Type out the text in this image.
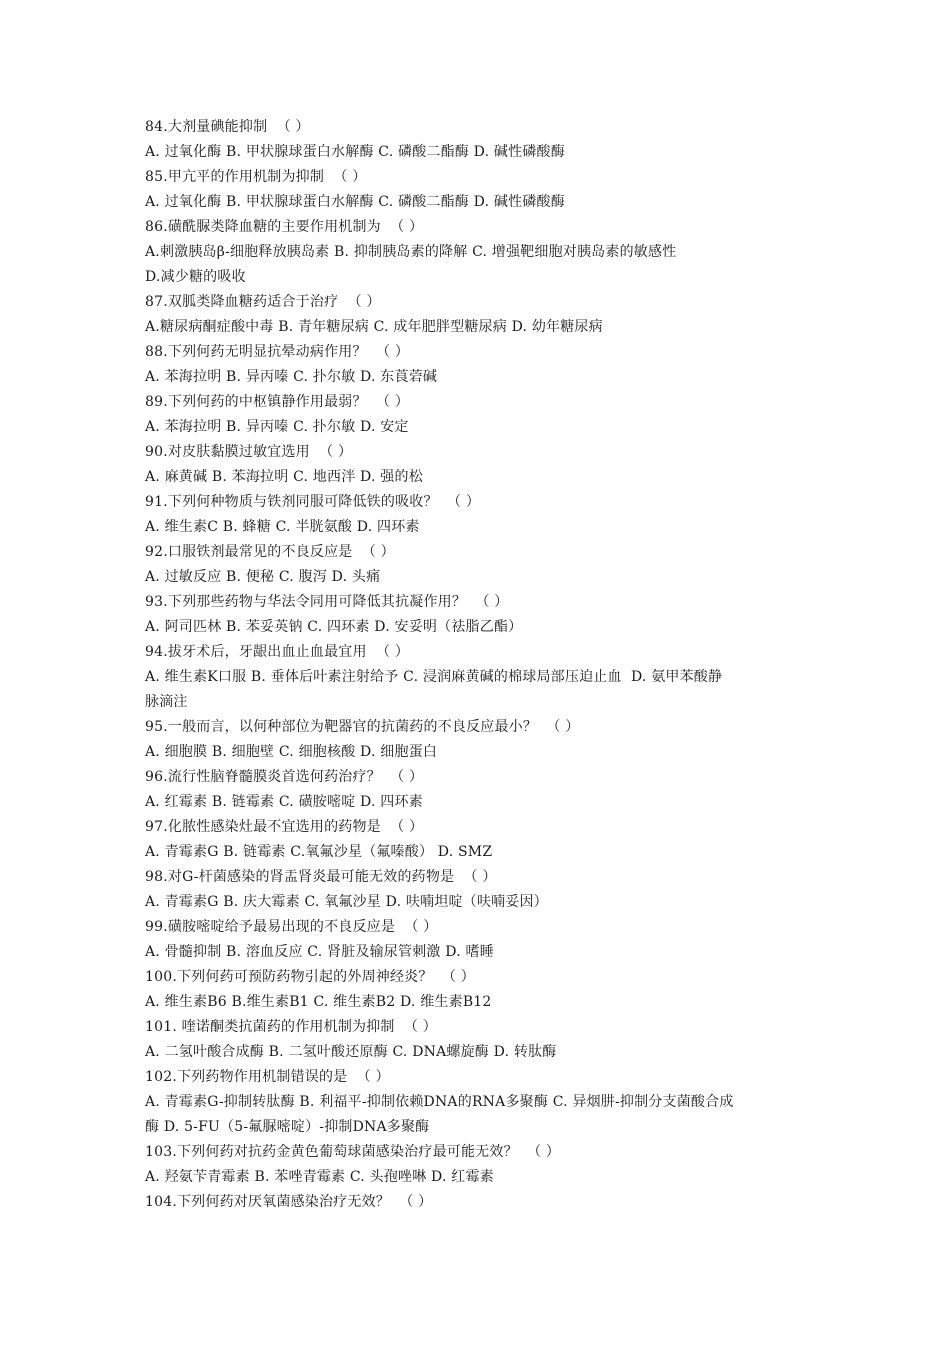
84.大剂量碘能抑制  （ ）
A. 过氧化酶 B. 甲状腺球蛋白水解酶 C. 磷酸二酯酶 D. 碱性磷酸酶
85.甲亢平的作用机制为抑制  （ ）
A. 过氧化酶 B. 甲状腺球蛋白水解酶 C. 磷酸二酯酶 D. 碱性磷酸酶
86.磺酰脲类降血糖的主要作用机制为  （ ）
A.刺激胰岛β-细胞释放胰岛素 B. 抑制胰岛素的降解 C. 增强靶细胞对胰岛素的敏感性
D.减少糖的吸收
87.双胍类降血糖药适合于治疗  （ ）
A.糖尿病酮症酸中毒 B. 青年糖尿病 C. 成年肥胖型糖尿病 D. 幼年糖尿病
88.下列何药无明显抗晕动病作用？  （ ）
A. 苯海拉明 B. 异丙嗪 C. 扑尔敏 D. 东莨菪碱
89.下列何药的中枢镇静作用最弱？  （ ）
A. 苯海拉明 B. 异丙嗪 C. 扑尔敏 D. 安定
90.对皮肤黏膜过敏宜选用  （ ）
A. 麻黄碱 B. 苯海拉明 C. 地西泮 D. 强的松
91.下列何种物质与铁剂同服可降低铁的吸收？  （ ）
A. 维生素C B. 蜂糖 C. 半胱氨酸 D. 四环素
92.口服铁剂最常见的不良反应是  （ ）
A. 过敏反应 B. 便秘 C. 腹泻 D. 头痛
93.下列那些药物与华法令同用可降低其抗凝作用？  （ ）
A. 阿司匹林 B. 苯妥英钠 C. 四环素 D. 安妥明（祛脂乙酯）
94.拔牙术后，牙龈出血止血最宜用  （ ）
A. 维生素K口服 B. 垂体后叶素注射给予 C. 浸润麻黄碱的棉球局部压迫止血  D. 氨甲苯酸静
脉滴注
95.一般而言，以何种部位为靶器官的抗菌药的不良反应最小？  （ ）
A. 细胞膜 B. 细胞壁 C. 细胞核酸 D. 细胞蛋白
96.流行性脑脊髓膜炎首选何药治疗？  （ ）
A. 红霉素 B. 链霉素 C. 磺胺嘧啶 D. 四环素
97.化脓性感染灶最不宜选用的药物是  （ ）
A. 青霉素G B. 链霉素 C.氧氟沙星（氟嗪酸） D. SMZ
98.对G-杆菌感染的肾盂肾炎最可能无效的药物是  （ ）
A. 青霉素G B. 庆大霉素 C. 氧氟沙星 D. 呋喃坦啶（呋喃妥因）
99.磺胺嘧啶给予最易出现的不良反应是  （ ）
A. 骨髓抑制 B. 溶血反应 C. 肾脏及输尿管刺激 D. 嗜睡
100.下列何药可预防药物引起的外周神经炎？  （ ）
A. 维生素B6 B.维生素B1 C. 维生素B2 D. 维生素B12
101. 喹诺酮类抗菌药的作用机制为抑制  （ ）
A. 二氢叶酸合成酶 B. 二氢叶酸还原酶 C. DNA螺旋酶 D. 转肽酶
102.下列药物作用机制错误的是  （ ）
A. 青霉素G-抑制转肽酶 B. 利福平-抑制依赖DNA的RNA多聚酶 C. 异烟肼-抑制分支菌酸合成
酶 D. 5-FU（5-氟脲嘧啶）-抑制DNA多聚酶
103.下列何药对抗药金黄色葡萄球菌感染治疗最可能无效？  （ ）
A. 羟氨苄青霉素 B. 苯唑青霉素 C. 头孢唑啉 D. 红霉素
104.下列何药对厌氧菌感染治疗无效？  （ ）
